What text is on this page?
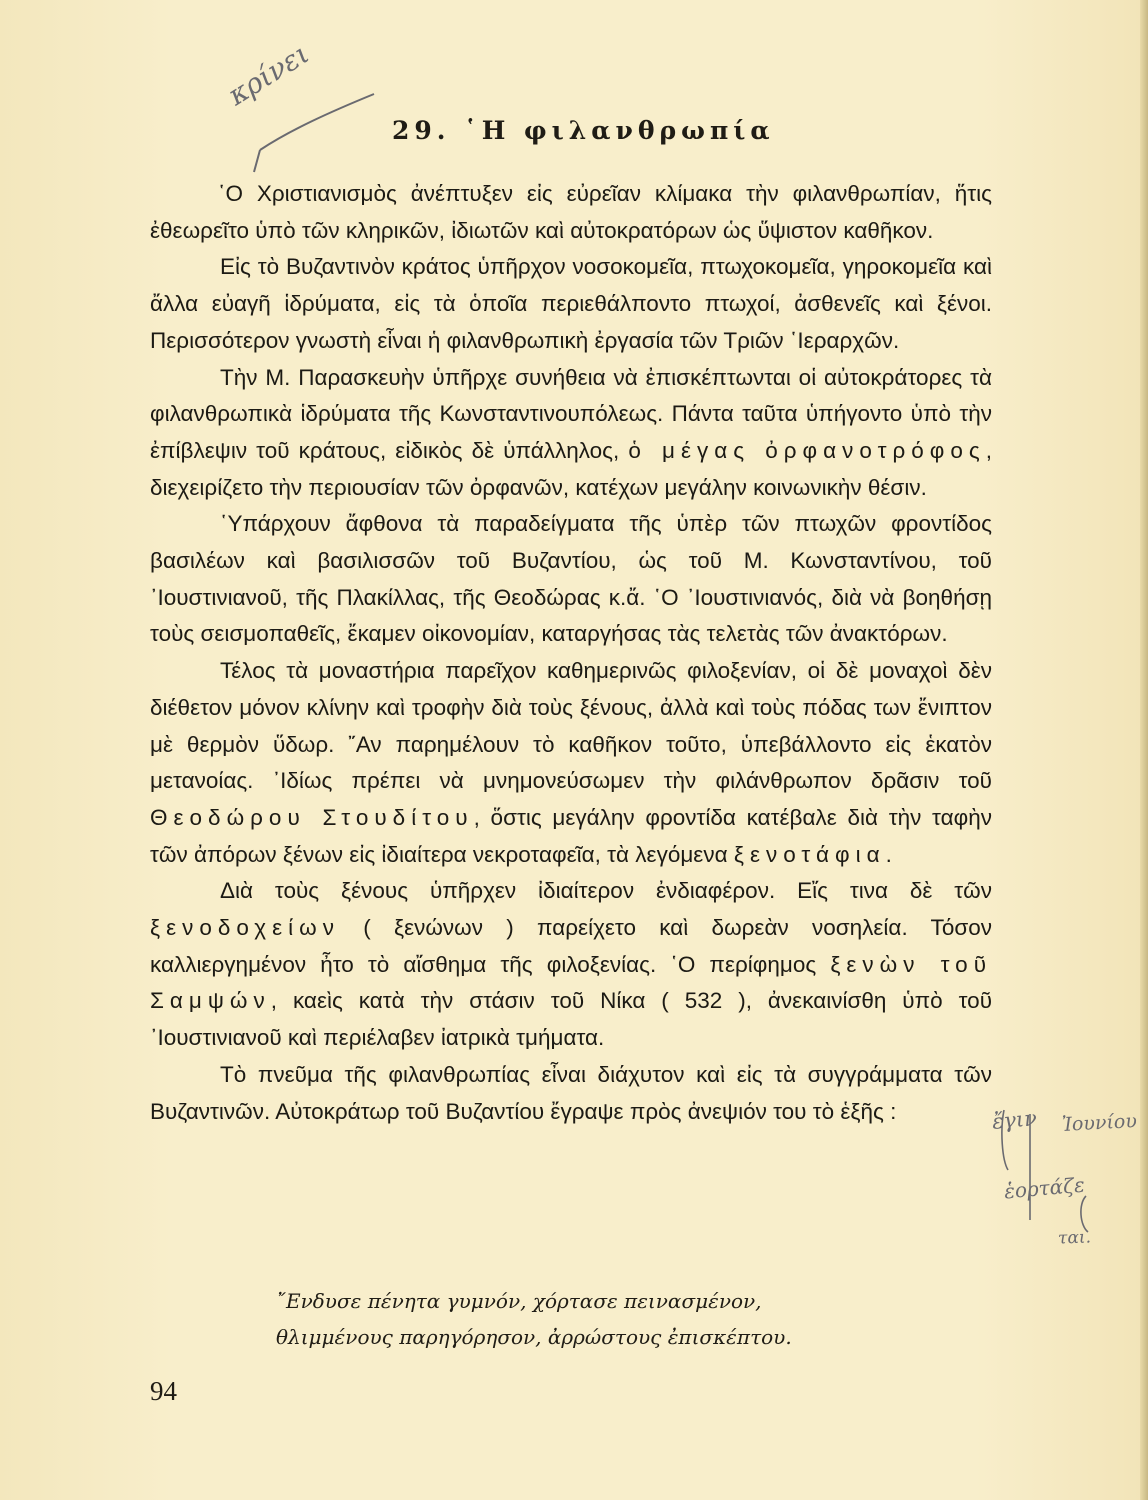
κρίνει
29. ῾Η φιλανθρωπία

῾Ο Χριστιανισμὸς ἀνέπτυξεν εἰς εὐρεῖαν κλίμακα τὴν φιλανθρωπίαν, ἥτις ἐθεωρεῖτο ὑπὸ τῶν κληρικῶν, ἰδιωτῶν καὶ αὐτοκρατόρων ὡς ὕψιστον καθῆκον.

Εἰς τὸ Βυζαντινὸν κράτος ὑπῆρχον νοσοκομεῖα, πτωχοκομεῖα, γηροκομεῖα καὶ ἄλλα εὐαγῆ ἱδρύματα, εἰς τὰ ὁποῖα περιεθάλποντο πτωχοί, ἀσθενεῖς καὶ ξένοι. Περισσότερον γνωστὴ εἶναι ἡ φιλανθρωπικὴ ἐργασία τῶν Τριῶν ῾Ιεραρχῶν.

Τὴν Μ. Παρασκευὴν ὑπῆρχε συνήθεια νὰ ἐπισκέπτωνται οἱ αὐτοκράτορες τὰ φιλανθρωπικὰ ἱδρύματα τῆς Κωνσταντινουπόλεως. Πάντα ταῦτα ὑπήγοντο ὑπὸ τὴν ἐπίβλεψιν τοῦ κράτους, εἰδικὸς δὲ ὑπάλληλος, ὁ μέγας ὀρφανοτρόφος, διεχειρίζετο τὴν περιουσίαν τῶν ὀρφανῶν, κατέχων μεγάλην κοινωνικὴν θέσιν.

῾Υπάρχουν ἄφθονα τὰ παραδείγματα τῆς ὑπὲρ τῶν πτωχῶν φροντίδος βασιλέων καὶ βασιλισσῶν τοῦ Βυζαντίου, ὡς τοῦ Μ. Κωνσταντίνου, τοῦ ᾿Ιουστινιανοῦ, τῆς Πλακίλλας, τῆς Θεοδώρας κ.ἄ. ῾Ο ᾿Ιουστινιανός, διὰ νὰ βοηθήσῃ τοὺς σεισμοπαθεῖς, ἔκαμεν οἰκονομίαν, καταργήσας τὰς τελετὰς τῶν ἀνακτόρων.

Τέλος τὰ μοναστήρια παρεῖχον καθημερινῶς φιλοξενίαν, οἱ δὲ μοναχοὶ δὲν διέθετον μόνον κλίνην καὶ τροφὴν διὰ τοὺς ξένους, ἀλλὰ καὶ τοὺς πόδας των ἔνιπτον μὲ θερμὸν ὕδωρ. ῎Αν παρημέλουν τὸ καθῆκον τοῦτο, ὑπεβάλλοντο εἰς ἑκατὸν μετανοίας. ᾿Ιδίως πρέπει νὰ μνημονεύσωμεν τὴν φιλάνθρωπον δρᾶσιν τοῦ Θεοδώρου Στουδίτου, ὅστις μεγάλην φροντίδα κατέβαλε διὰ τὴν ταφὴν τῶν ἀπόρων ξένων εἰς ἰδιαίτερα νεκροταφεῖα, τὰ λεγόμενα ξενοτάφια.

Διὰ τοὺς ξένους ὑπῆρχεν ἰδιαίτερον ἐνδιαφέρον. Εἴς τινα δὲ τῶν ξενοδοχείων ( ξενώνων ) παρείχετο καὶ δωρεὰν νοσηλεία. Τόσον καλλιεργημένον ἦτο τὸ αἴσθημα τῆς φιλοξενίας. ῾Ο περίφημος ξενὼν τοῦ Σαμψών, καεὶς κατὰ τὴν στάσιν τοῦ Νίκα ( 532 ), ἀνεκαινίσθη ὑπὸ τοῦ ᾿Ιουστινιανοῦ καὶ περιέλαβεν ἰατρικὰ τμήματα.

Τὸ πνεῦμα τῆς φιλανθρωπίας εἶναι διάχυτον καὶ εἰς τὰ συγγράμματα τῶν Βυζαντινῶν. Αὐτοκράτωρ τοῦ Βυζαντίου ἔγραψε πρὸς ἀνεψιόν του τὸ ἑξῆς :

῎Ενδυσε πένητα γυμνόν, χόρτασε πεινασμένον,
θλιμμένους παρηγόρησον, ἀρρώστους ἐπισκέπτου.
94
ἔγιν Ἰουνίου
ἑορτάζε
ται.
